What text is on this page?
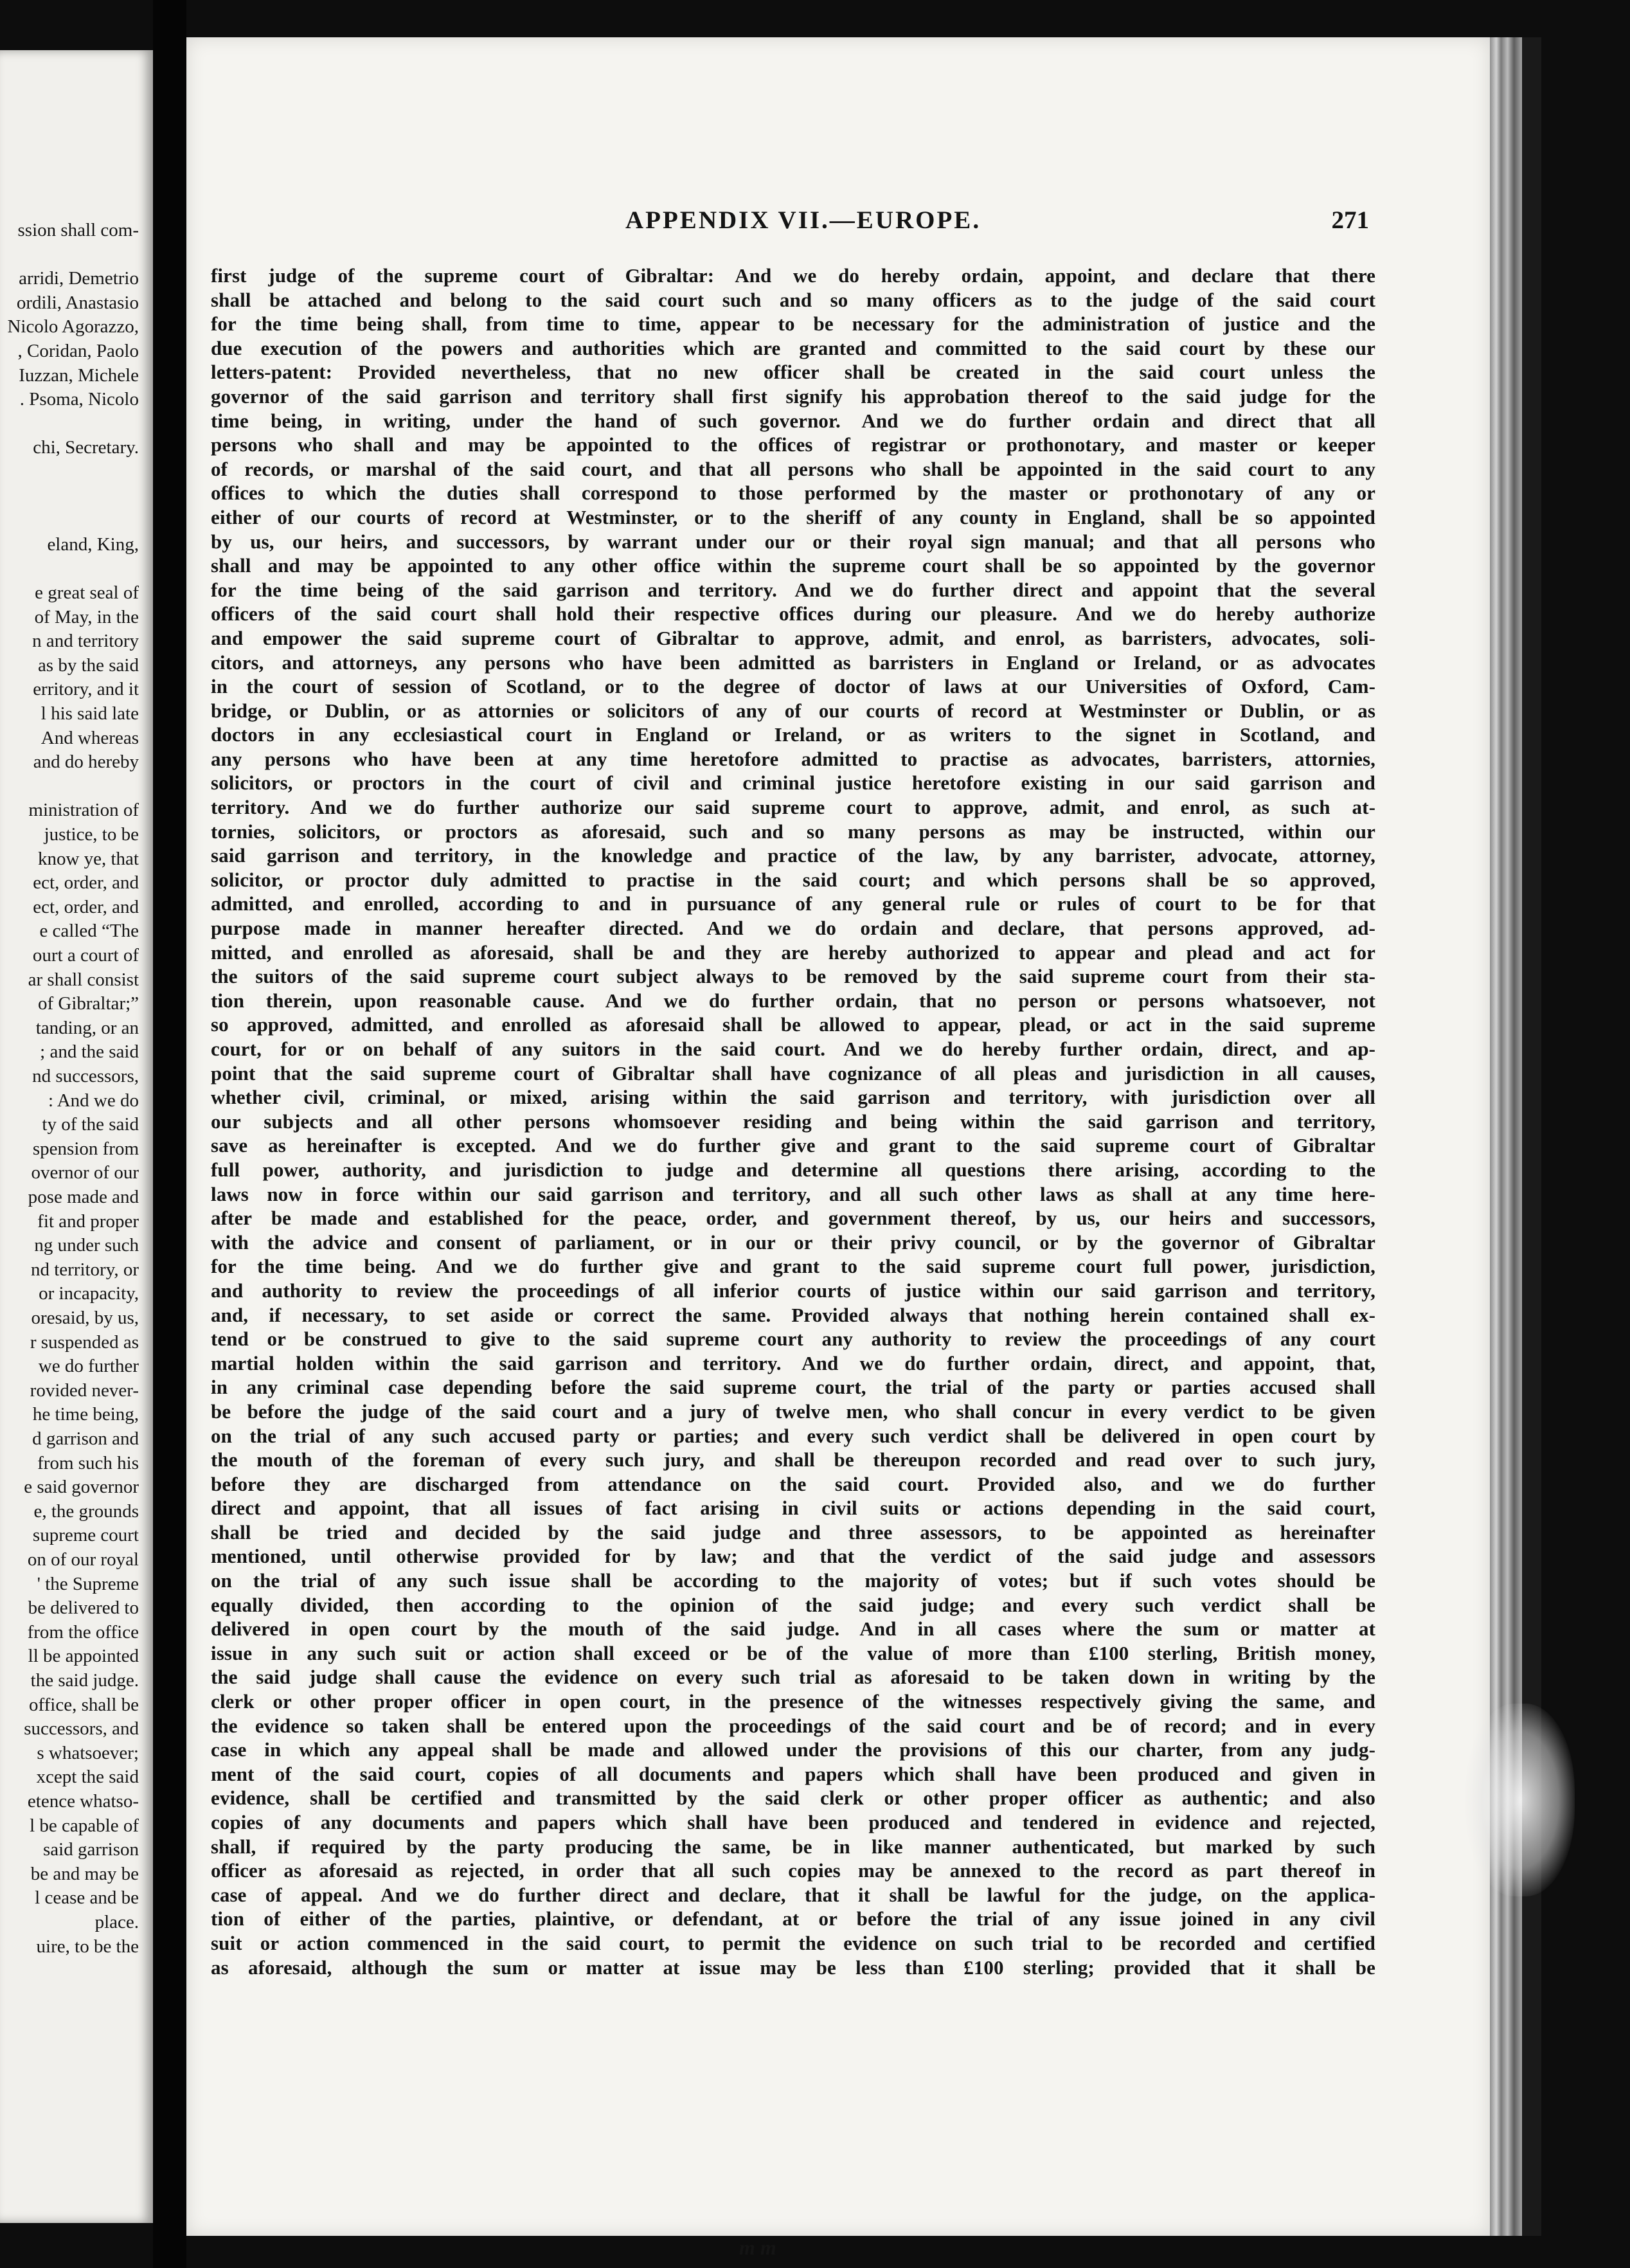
ssion shall com-
arridi, Demetrio
ordili, Anastasio
Nicolo Agorazzo,
, Coridan, Paolo
Iuzzan, Michele
. Psoma, Nicolo
chi, Secretary.
eland, King,
e great seal of
of May, in the
n and territory
as by the said
erritory, and it
l his said late
And whereas
and do hereby
ministration of
justice, to be
know ye, that
ect, order, and
ect, order, and
e called “The
ourt a court of
ar shall consist
of Gibraltar;”
tanding, or an
; and the said
nd successors,
: And we do
ty of the said
spension from
overnor of our
pose made and
fit and proper
ng under such
nd territory, or
or incapacity,
oresaid, by us,
r suspended as
we do further
rovided never-
he time being,
d garrison and
from such his
e said governor
e, the grounds
supreme court
on of our royal
' the Supreme
be delivered to
from the office
ll be appointed
the said judge.
office, shall be
successors, and
s whatsoever;
xcept the said
etence whatso-
l be capable of
said garrison
be and may be
l cease and be
place.
uire, to be the
APPENDIX VII.—EUROPE.	271
first judge of the supreme court of Gibraltar: And we do hereby ordain, appoint, and declare that there
shall be attached and belong to the said court such and so many officers as to the judge of the said court
for the time being shall, from time to time, appear to be necessary for the administration of justice and the
due execution of the powers and authorities which are granted and committed to the said court by these our
letters-patent: Provided nevertheless, that no new officer shall be created in the said court unless the
governor of the said garrison and territory shall first signify his approbation thereof to the said judge for the
time being, in writing, under the hand of such governor. And we do further ordain and direct that all
persons who shall and may be appointed to the offices of registrar or prothonotary, and master or keeper
of records, or marshal of the said court, and that all persons who shall be appointed in the said court to any
offices to which the duties shall correspond to those performed by the master or prothonotary of any or
either of our courts of record at Westminster, or to the sheriff of any county in England, shall be so appointed
by us, our heirs, and successors, by warrant under our or their royal sign manual; and that all persons who
shall and may be appointed to any other office within the supreme court shall be so appointed by the governor
for the time being of the said garrison and territory. And we do further direct and appoint that the several
officers of the said court shall hold their respective offices during our pleasure. And we do hereby authorize
and empower the said supreme court of Gibraltar to approve, admit, and enrol, as barristers, advocates, soli-
citors, and attorneys, any persons who have been admitted as barristers in England or Ireland, or as advocates
in the court of session of Scotland, or to the degree of doctor of laws at our Universities of Oxford, Cam-
bridge, or Dublin, or as attornies or solicitors of any of our courts of record at Westminster or Dublin, or as
doctors in any ecclesiastical court in England or Ireland, or as writers to the signet in Scotland, and
any persons who have been at any time heretofore admitted to practise as advocates, barristers, attornies,
solicitors, or proctors in the court of civil and criminal justice heretofore existing in our said garrison and
territory. And we do further authorize our said supreme court to approve, admit, and enrol, as such at-
tornies, solicitors, or proctors as aforesaid, such and so many persons as may be instructed, within our
said garrison and territory, in the knowledge and practice of the law, by any barrister, advocate, attorney,
solicitor, or proctor duly admitted to practise in the said court; and which persons shall be so approved,
admitted, and enrolled, according to and in pursuance of any general rule or rules of court to be for that
purpose made in manner hereafter directed. And we do ordain and declare, that persons approved, ad-
mitted, and enrolled as aforesaid, shall be and they are hereby authorized to appear and plead and act for
the suitors of the said supreme court subject always to be removed by the said supreme court from their sta-
tion therein, upon reasonable cause. And we do further ordain, that no person or persons whatsoever, not
so approved, admitted, and enrolled as aforesaid shall be allowed to appear, plead, or act in the said supreme
court, for or on behalf of any suitors in the said court. And we do hereby further ordain, direct, and ap-
point that the said supreme court of Gibraltar shall have cognizance of all pleas and jurisdiction in all causes,
whether civil, criminal, or mixed, arising within the said garrison and territory, with jurisdiction over all
our subjects and all other persons whomsoever residing and being within the said garrison and territory,
save as hereinafter is excepted. And we do further give and grant to the said supreme court of Gibraltar
full power, authority, and jurisdiction to judge and determine all questions there arising, according to the
laws now in force within our said garrison and territory, and all such other laws as shall at any time here-
after be made and established for the peace, order, and government thereof, by us, our heirs and successors,
with the advice and consent of parliament, or in our or their privy council, or by the governor of Gibraltar
for the time being. And we do further give and grant to the said supreme court full power, jurisdiction,
and authority to review the proceedings of all inferior courts of justice within our said garrison and territory,
and, if necessary, to set aside or correct the same. Provided always that nothing herein contained shall ex-
tend or be construed to give to the said supreme court any authority to review the proceedings of any court
martial holden within the said garrison and territory. And we do further ordain, direct, and appoint, that,
in any criminal case depending before the said supreme court, the trial of the party or parties accused shall
be before the judge of the said court and a jury of twelve men, who shall concur in every verdict to be given
on the trial of any such accused party or parties; and every such verdict shall be delivered in open court by
the mouth of the foreman of every such jury, and shall be thereupon recorded and read over to such jury,
before they are discharged from attendance on the said court. Provided also, and we do further
direct and appoint, that all issues of fact arising in civil suits or actions depending in the said court,
shall be tried and decided by the said judge and three assessors, to be appointed as hereinafter
mentioned, until otherwise provided for by law; and that the verdict of the said judge and assessors
on the trial of any such issue shall be according to the majority of votes; but if such votes should be
equally divided, then according to the opinion of the said judge; and every such verdict shall be
delivered in open court by the mouth of the said judge. And in all cases where the sum or matter at
issue in any such suit or action shall exceed or be of the value of more than £100 sterling, British money,
the said judge shall cause the evidence on every such trial as aforesaid to be taken down in writing by the
clerk or other proper officer in open court, in the presence of the witnesses respectively giving the same, and
the evidence so taken shall be entered upon the proceedings of the said court and be of record; and in every
case in which any appeal shall be made and allowed under the provisions of this our charter, from any judg-
ment of the said court, copies of all documents and papers which shall have been produced and given in
evidence, shall be certified and transmitted by the said clerk or other proper officer as authentic; and also
copies of any documents and papers which shall have been produced and tendered in evidence and rejected,
shall, if required by the party producing the same, be in like manner authenticated, but marked by such
officer as aforesaid as rejected, in order that all such copies may be annexed to the record as part thereof in
case of appeal. And we do further direct and declare, that it shall be lawful for the judge, on the applica-
tion of either of the parties, plaintive, or defendant, at or before the trial of any issue joined in any civil
suit or action commenced in the said court, to permit the evidence on such trial to be recorded and certified
as aforesaid, although the sum or matter at issue may be less than £100 sterling; provided that it shall be
m m
